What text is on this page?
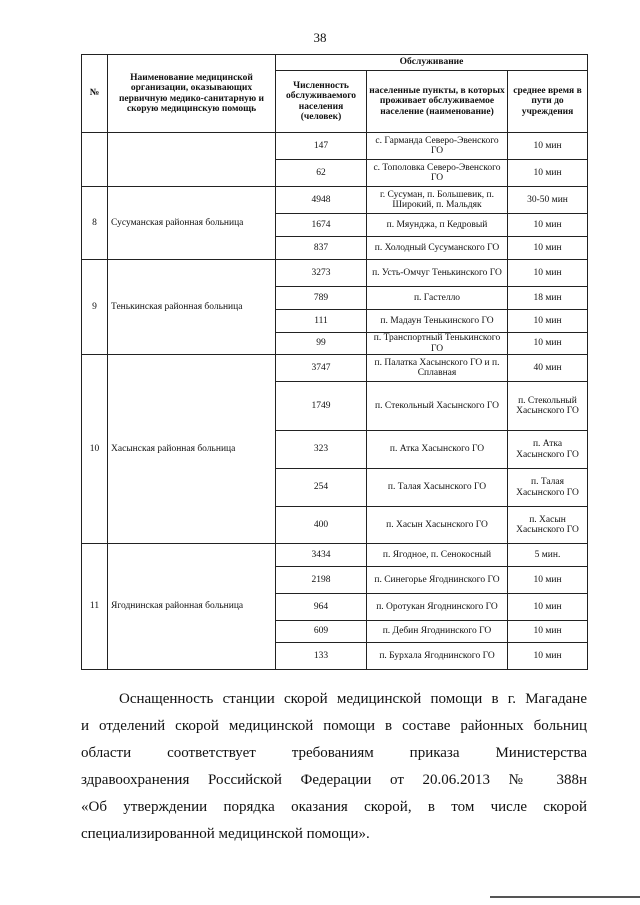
38
№	Наименование медицинской организации, оказывающих первичную медико-санитарную и скорую медицинскую помощь	Обслуживание		
		Численность обслуживаемого населения (человек)	населенные пункты, в которых проживает обслуживаемое население (наименование)	среднее время в пути до учреждения
		147	с. Гарманда Северо-Эвенского ГО	10 мин
		62	с. Тополовка Северо-Эвенского ГО	10 мин
8	Сусуманская районная больница	4948	г. Сусуман, п. Большевик, п. Широкий, п. Мальдяк	30-50 мин
		1674	п. Мяунджа, п Кедровый	10 мин
		837	п. Холодный Сусуманского ГО	10 мин
9	Тенькинская районная больница	3273	п. Усть-Омчуг Тенькинского ГО	10 мин
		789	п. Гастелло	18 мин
		111	п. Мадаун Тенькинского ГО	10 мин
		99	п. Транспортный Тенькинского ГО	10 мин
10	Хасынская районная больница	3747	п. Палатка Хасынского ГО и п. Сплавная	40 мин
		1749	п. Стекольный Хасынского ГО	п. Стекольный Хасынского ГО
		323	п. Атка Хасынского ГО	п. Атка Хасынского ГО
		254	п. Талая Хасынского ГО	п. Талая Хасынского ГО
		400	п. Хасын Хасынского ГО	п. Хасын Хасынского ГО
11	Ягоднинская районная больница	3434	п. Ягодное, п. Сенокосный	5 мин.
		2198	п. Синегорье Ягоднинского ГО	10 мин
		964	п. Оротукан Ягоднинского ГО	10 мин
		609	п. Дебин Ягоднинского ГО	10 мин
		133	п. Бурхала Ягоднинского ГО	10 мин
Оснащенность станции скорой медицинской помощи в г. Магадане
и отделений скорой медицинской помощи в составе районных больниц
области соответствует требованиям приказа Министерства
здравоохранения Российской Федерации от 20.06.2013 № 388н
«Об утверждении порядка оказания скорой, в том числе скорой
специализированной медицинской помощи».
